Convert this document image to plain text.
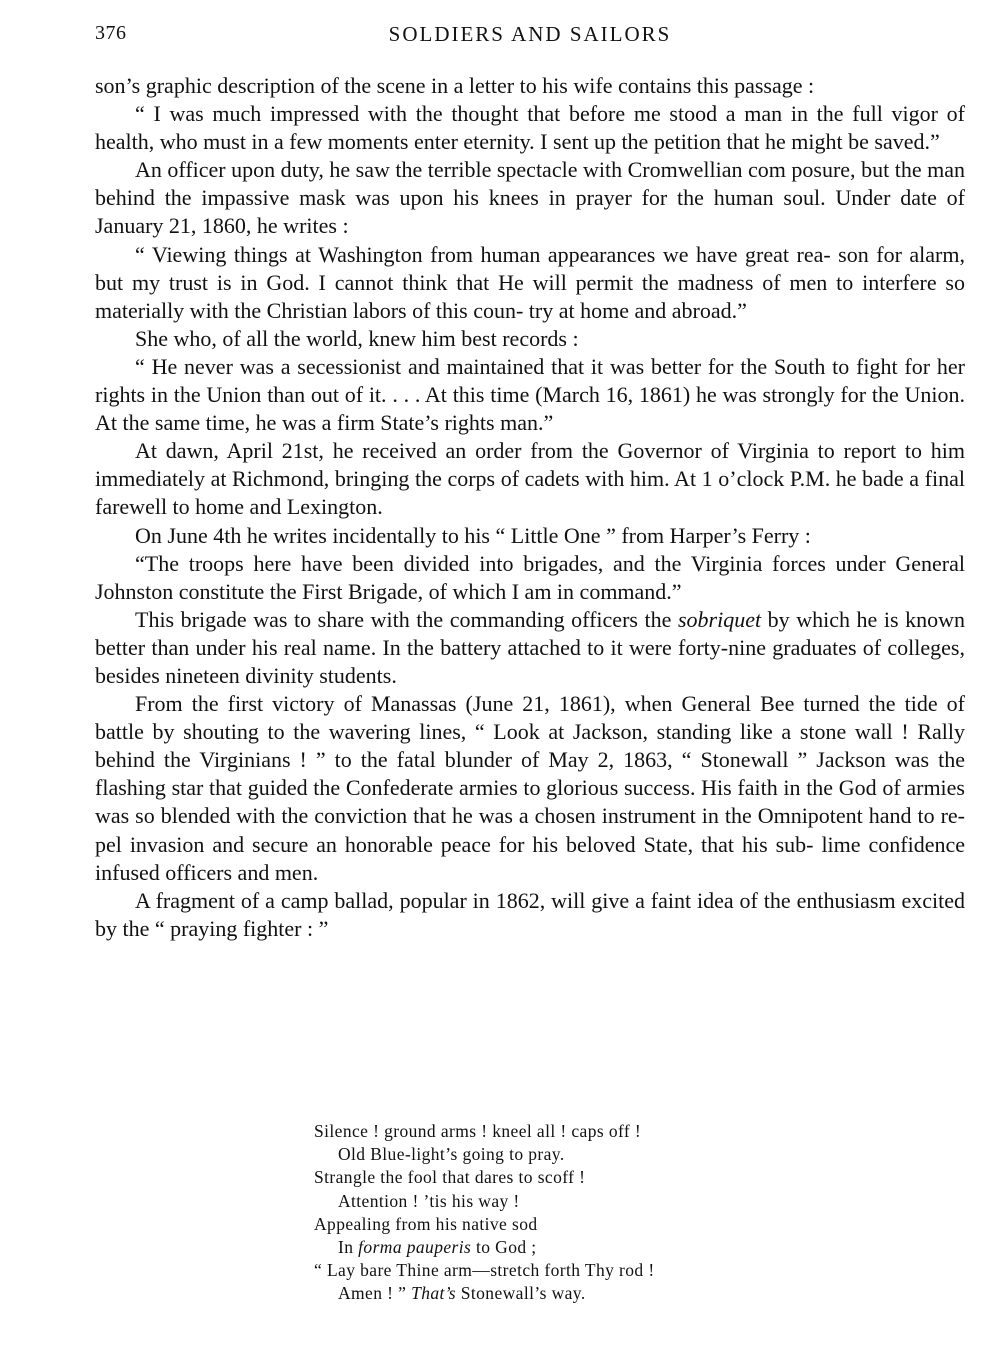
376	SOLDIERS AND SAILORS

son’s graphic description of the scene in a letter to his wife contains this passage :

“ I was much impressed with the thought that before me stood a man in the full vigor of health, who must in a few moments enter eternity. I sent up the petition that he might be saved.”

An officer upon duty, he saw the terrible spectacle with Cromwellian com posure, but the man behind the impassive mask was upon his knees in prayer for the human soul. Under date of January 21, 1860, he writes :

“ Viewing things at Washington from human appearances we have great rea- son for alarm, but my trust is in God. I cannot think that He will permit the madness of men to interfere so materially with the Christian labors of this coun- try at home and abroad.”

She who, of all the world, knew him best records :

“ He never was a secessionist and maintained that it was better for the South to fight for her rights in the Union than out of it. . . . At this time (March 16, 1861) he was strongly for the Union. At the same time, he was a firm State’s rights man.”

At dawn, April 21st, he received an order from the Governor of Virginia to report to him immediately at Richmond, bringing the corps of cadets with him. At 1 o’clock P.M. he bade a final farewell to home and Lexington.

On June 4th he writes incidentally to his “ Little One ” from Harper’s Ferry :

“The troops here have been divided into brigades, and the Virginia forces under General Johnston constitute the First Brigade, of which I am in command.”

This brigade was to share with the commanding officers the sobriquet by which he is known better than under his real name. In the battery attached to it were forty-nine graduates of colleges, besides nineteen divinity students.

From the first victory of Manassas (June 21, 1861), when General Bee turned the tide of battle by shouting to the wavering lines, “ Look at Jackson, standing like a stone wall ! Rally behind the Virginians ! ” to the fatal blunder of May 2, 1863, “ Stonewall ” Jackson was the flashing star that guided the Confederate armies to glorious success. His faith in the God of armies was so blended with the conviction that he was a chosen instrument in the Omnipotent hand to re- pel invasion and secure an honorable peace for his beloved State, that his sub- lime confidence infused officers and men.

A fragment of a camp ballad, popular in 1862, will give a faint idea of the enthusiasm excited by the “ praying fighter : ”

Silence ! ground arms ! kneel all ! caps off !
Old Blue-light’s going to pray.
Strangle the fool that dares to scoff !
Attention ! ’tis his way !
Appealing from his native sod
In forma pauperis to God ;
“ Lay bare Thine arm—stretch forth Thy rod !
Amen ! ” That’s Stonewall’s way.
